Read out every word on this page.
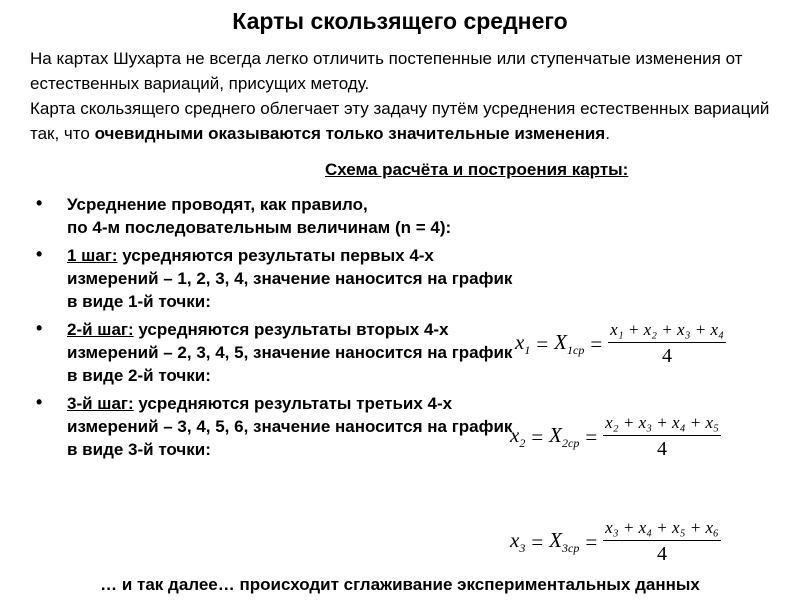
Карты скользящего среднего

На картах Шухарта не всегда легко отличить постепенные или ступенчатые изменения от естественных вариаций, присущих методу.

Карта скользящего среднего облегчает эту задачу путём усреднения естественных вариаций так, что очевидными оказываются только значительные изменения.

Схема расчёта и построения карты:
• Усреднение проводят, как правило,
по 4-м последовательным величинам (n = 4):
• 1 шаг: усредняются результаты первых 4-х измерений – 1, 2, 3, 4, значение наносится на график в виде 1-й точки:
• 2-й шаг: усредняются результаты вторых 4-х измерений – 2, 3, 4, 5, значение наносится на график в виде 2-й точки:
• 3-й шаг: усредняются результаты третьих 4-х измерений – 3, 4, 5, 6, значение наносится на график в виде 3-й точки:
$x_1 = X_{1ср} = \frac{\text{x₁ + x₂ + x₃ + x₄}}{4}$
$x_2 = X_{2ср} = \frac{\text{x₂ + x₃ + x₄ + x₅}}{4}$
$x_3 = X_{3ср} = \frac{\text{x₃ + x₄ + x₅ + x₆}}{4}$
… и так далее… происходит сглаживание экспериментальных данных
